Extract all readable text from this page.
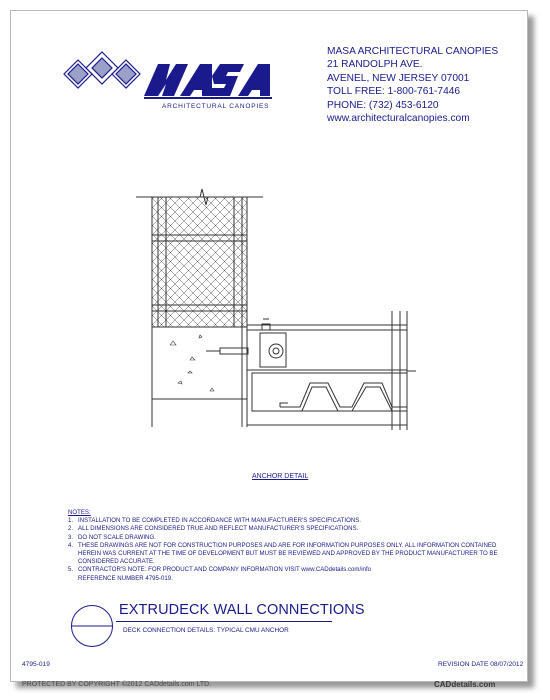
ARCHITECTURAL CANOPIES
MASA ARCHITECTURAL CANOPIES
21 RANDOLPH AVE.
AVENEL, NEW JERSEY 07001
TOLL FREE: 1-800-761-7446
PHONE: (732) 453-6120
www.architecturalcanopies.com
ANCHOR DETAIL
NOTES:
1. INSTALLATION TO BE COMPLETED IN ACCORDANCE WITH MANUFACTURER'S SPECIFICATIONS.
2. ALL DIMENSIONS ARE CONSIDERED TRUE AND REFLECT MANUFACTURER'S SPECIFICATIONS.
3. DO NOT SCALE DRAWING.
4. THESE DRAWINGS ARE NOT FOR CONSTRUCTION PURPOSES AND ARE FOR INFORMATION PURPOSES ONLY. ALL INFORMATION CONTAINED HEREIN WAS CURRENT AT THE TIME OF DEVELOPMENT BUT MUST BE REVIEWED AND APPROVED BY THE PRODUCT MANUFACTURER TO BE CONSIDERED ACCURATE.
5. CONTRACTOR'S NOTE: FOR PRODUCT AND COMPANY INFORMATION VISIT www.CADdetails.com/info
REFERENCE NUMBER 4795-019.
EXTRUDECK WALL CONNECTIONS
DECK CONNECTION DETAILS: TYPICAL CMU ANCHOR
4795-019	REVISION DATE 08/07/2012
PROTECTED BY COPYRIGHT ©2012 CADdetails.com LTD.	CADdetails.com
